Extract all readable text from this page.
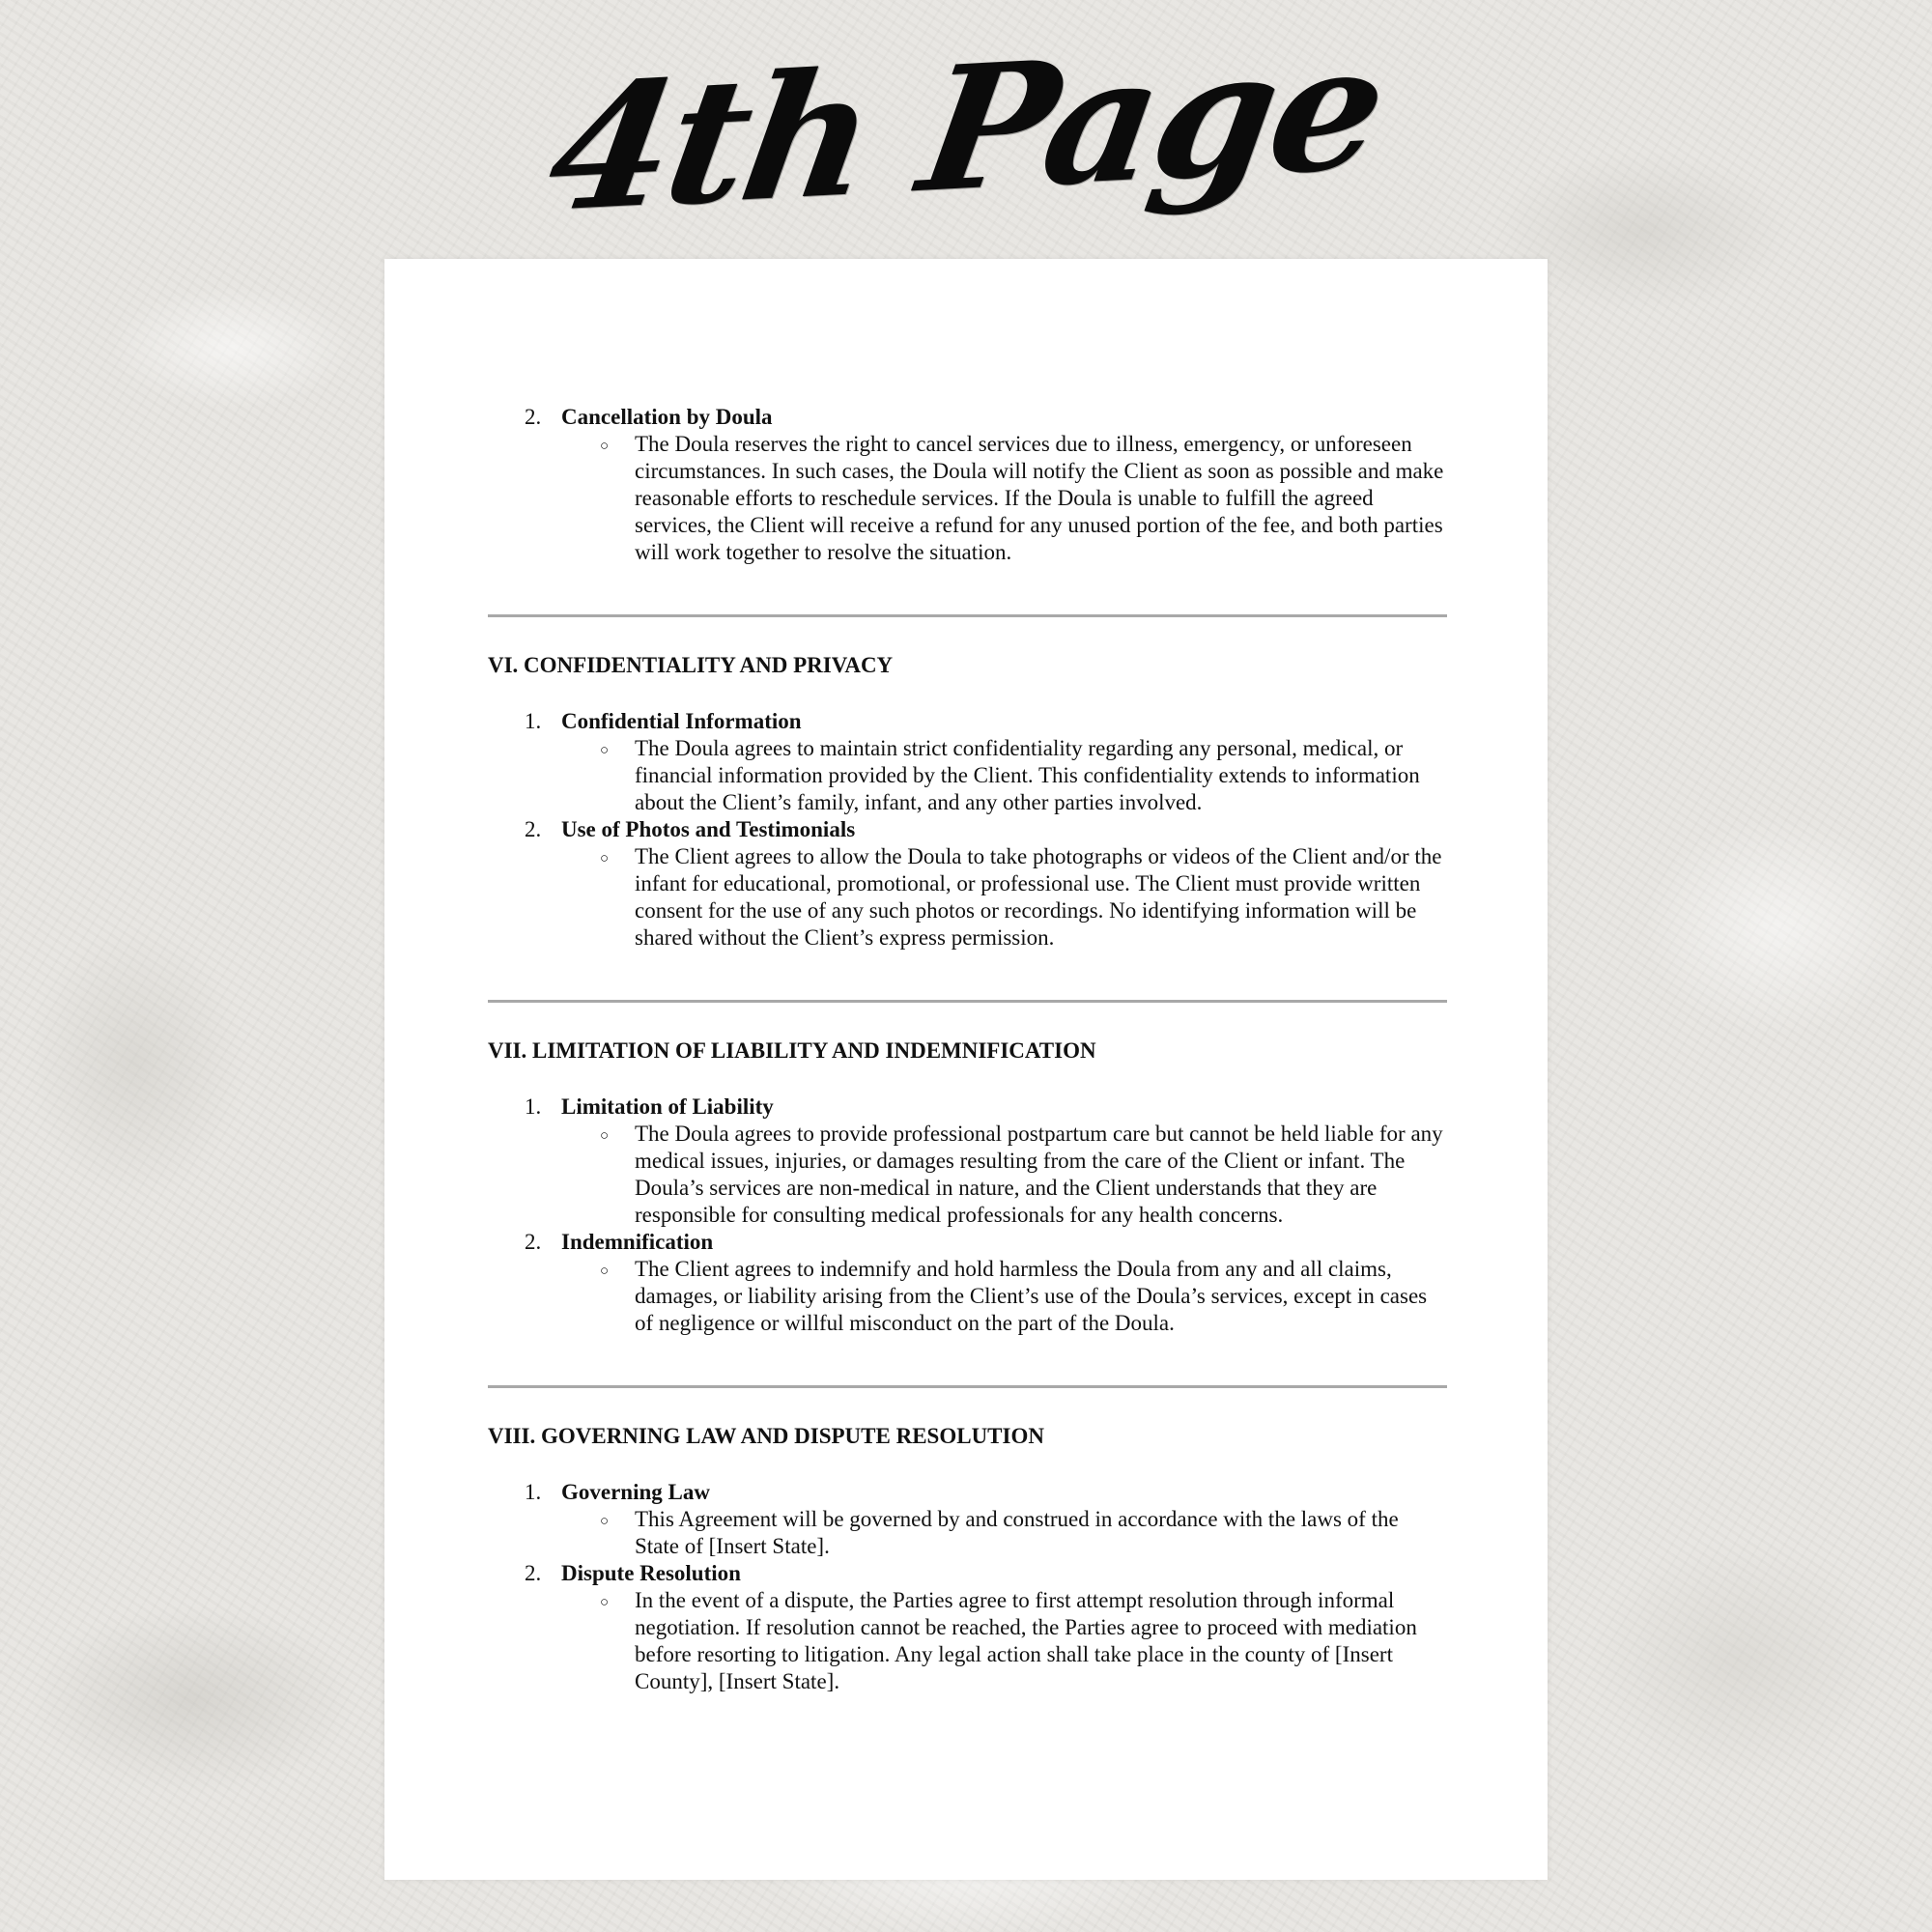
4th Page
2. Cancellation by Doula
○ The Doula reserves the right to cancel services due to illness, emergency, or unforeseen circumstances. In such cases, the Doula will notify the Client as soon as possible and make reasonable efforts to reschedule services. If the Doula is unable to fulfill the agreed services, the Client will receive a refund for any unused portion of the fee, and both parties will work together to resolve the situation.
VI. CONFIDENTIALITY AND PRIVACY
1. Confidential Information
○ The Doula agrees to maintain strict confidentiality regarding any personal, medical, or financial information provided by the Client. This confidentiality extends to information about the Client’s family, infant, and any other parties involved.
2. Use of Photos and Testimonials
○ The Client agrees to allow the Doula to take photographs or videos of the Client and/or the infant for educational, promotional, or professional use. The Client must provide written consent for the use of any such photos or recordings. No identifying information will be shared without the Client’s express permission.
VII. LIMITATION OF LIABILITY AND INDEMNIFICATION
1. Limitation of Liability
○ The Doula agrees to provide professional postpartum care but cannot be held liable for any medical issues, injuries, or damages resulting from the care of the Client or infant. The Doula’s services are non-medical in nature, and the Client understands that they are responsible for consulting medical professionals for any health concerns.
2. Indemnification
○ The Client agrees to indemnify and hold harmless the Doula from any and all claims, damages, or liability arising from the Client’s use of the Doula’s services, except in cases of negligence or willful misconduct on the part of the Doula.
VIII. GOVERNING LAW AND DISPUTE RESOLUTION
1. Governing Law
○ This Agreement will be governed by and construed in accordance with the laws of the State of [Insert State].
2. Dispute Resolution
○ In the event of a dispute, the Parties agree to first attempt resolution through informal negotiation. If resolution cannot be reached, the Parties agree to proceed with mediation before resorting to litigation. Any legal action shall take place in the county of [Insert County], [Insert State].
